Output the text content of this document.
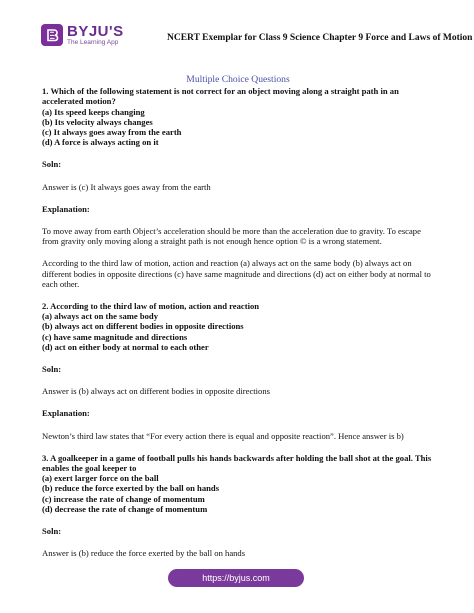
BYJU'S
The Learning App	NCERT Exemplar for Class 9 Science Chapter 9 Force and Laws of Motion
Multiple Choice Questions

1. Which of the following statement is not correct for an object moving along a straight path in an accelerated motion?

(a) Its speed keeps changing

(b) Its velocity always changes

(c) It always goes away from the earth

(d) A force is always acting on it

Soln:

Answer is (c) It always goes away from the earth

Explanation:

To move away from earth Object’s acceleration should be more than the acceleration due to gravity. To escape from gravity only moving along a straight path is not enough hence option © is a wrong statement.

According to the third law of motion, action and reaction (a) always act on the same body (b) always act on different bodies in opposite directions (c) have same magnitude and directions (d) act on either body at normal to each other.

2. According to the third law of motion, action and reaction

(a) always act on the same body

(b) always act on different bodies in opposite directions

(c) have same magnitude and directions

(d) act on either body at normal to each other

Soln:

Answer is (b) always act on different bodies in opposite directions

Explanation:

Newton’s third law states that “For every action there is equal and opposite reaction”. Hence answer is b)

3. A goalkeeper in a game of football pulls his hands backwards after holding the ball shot at the goal. This enables the goal keeper to

(a) exert larger force on the ball

(b) reduce the force exerted by the ball on hands

(c) increase the rate of change of momentum

(d) decrease the rate of change of momentum

Soln:

Answer is (b) reduce the force exerted by the ball on hands

https://byjus.com
